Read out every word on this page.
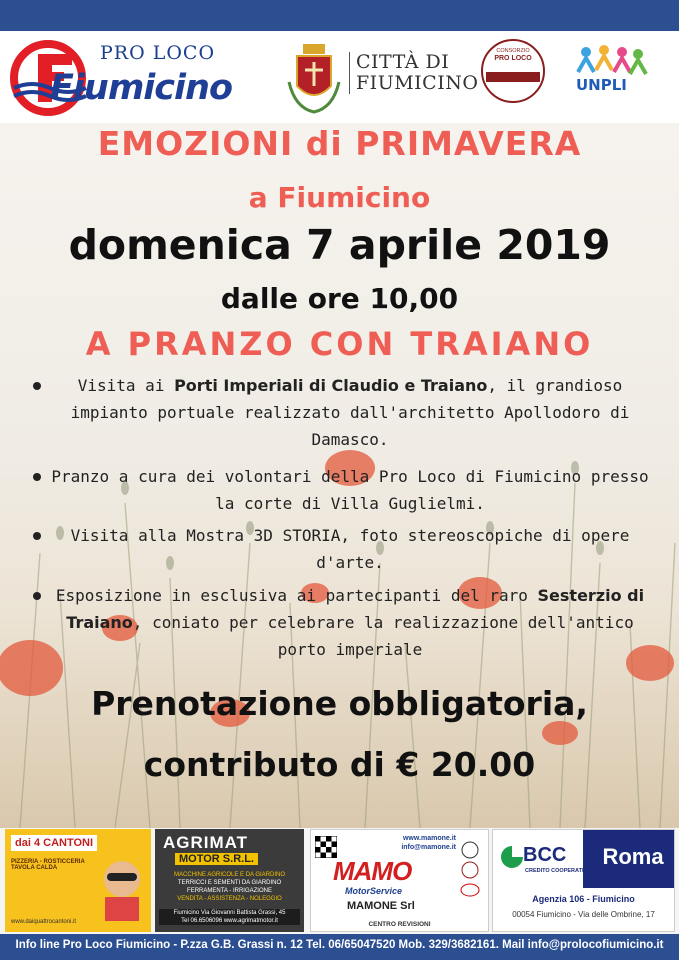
PRO LOCO
Fiumicino
CITTÀ DI
FIUMICINO
CONSORZIO
PRO LOCO
ANTICHE VIE
DI ROMA	UNPLI
EMOZIONI di PRIMAVERA
a Fiumicino
domenica 7 aprile 2019
dalle ore 10,00
A PRANZO CON TRAIANO
Visita ai Porti Imperiali di Claudio e Traiano, il grandioso impianto portuale realizzato dall'architetto Apollodoro di Damasco.
Pranzo a cura dei volontari della Pro Loco di Fiumicino presso la corte di Villa Guglielmi.
Visita alla Mostra 3D STORIA, foto stereoscopiche di opere d'arte.
Esposizione in esclusiva ai partecipanti del raro Sesterzio di Traiano, coniato per celebrare la realizzazione dell'antico porto imperiale
Prenotazione obbligatoria,
contributo di € 20.00
dai 4 CANTONI
PIZZERIA - ROSTICCERIA TAVOLA CALDA
www.daiquattrocantoni.it
AGRIMAT
MOTOR S.R.L.
MACCHINE AGRICOLE E DA GIARDINO
TERRICCI E SEMENTI DA GIARDINO
FERRAMENTA - IRRIGAZIONE
VENDITA - ASSISTENZA - NOLEGGIO
Fiumicino Via Giovanni Battista Grassi, 45
Tel 06.6506096 www.agrimatmotor.it
www.mamone.it
info@mamone.it
MAMO
MotorService
MAMONE Srl
CENTRO REVISIONI
BCC
CREDITO COOPERATIVO
Roma
Agenzia 106 - Fiumicino
00054 Fiumicino - Via delle Ombrine, 17
Info line Pro Loco Fiumicino - P.zza G.B. Grassi n. 12 Tel. 06/65047520 Mob. 329/3682161. Mail info@prolocofiumicino.it
